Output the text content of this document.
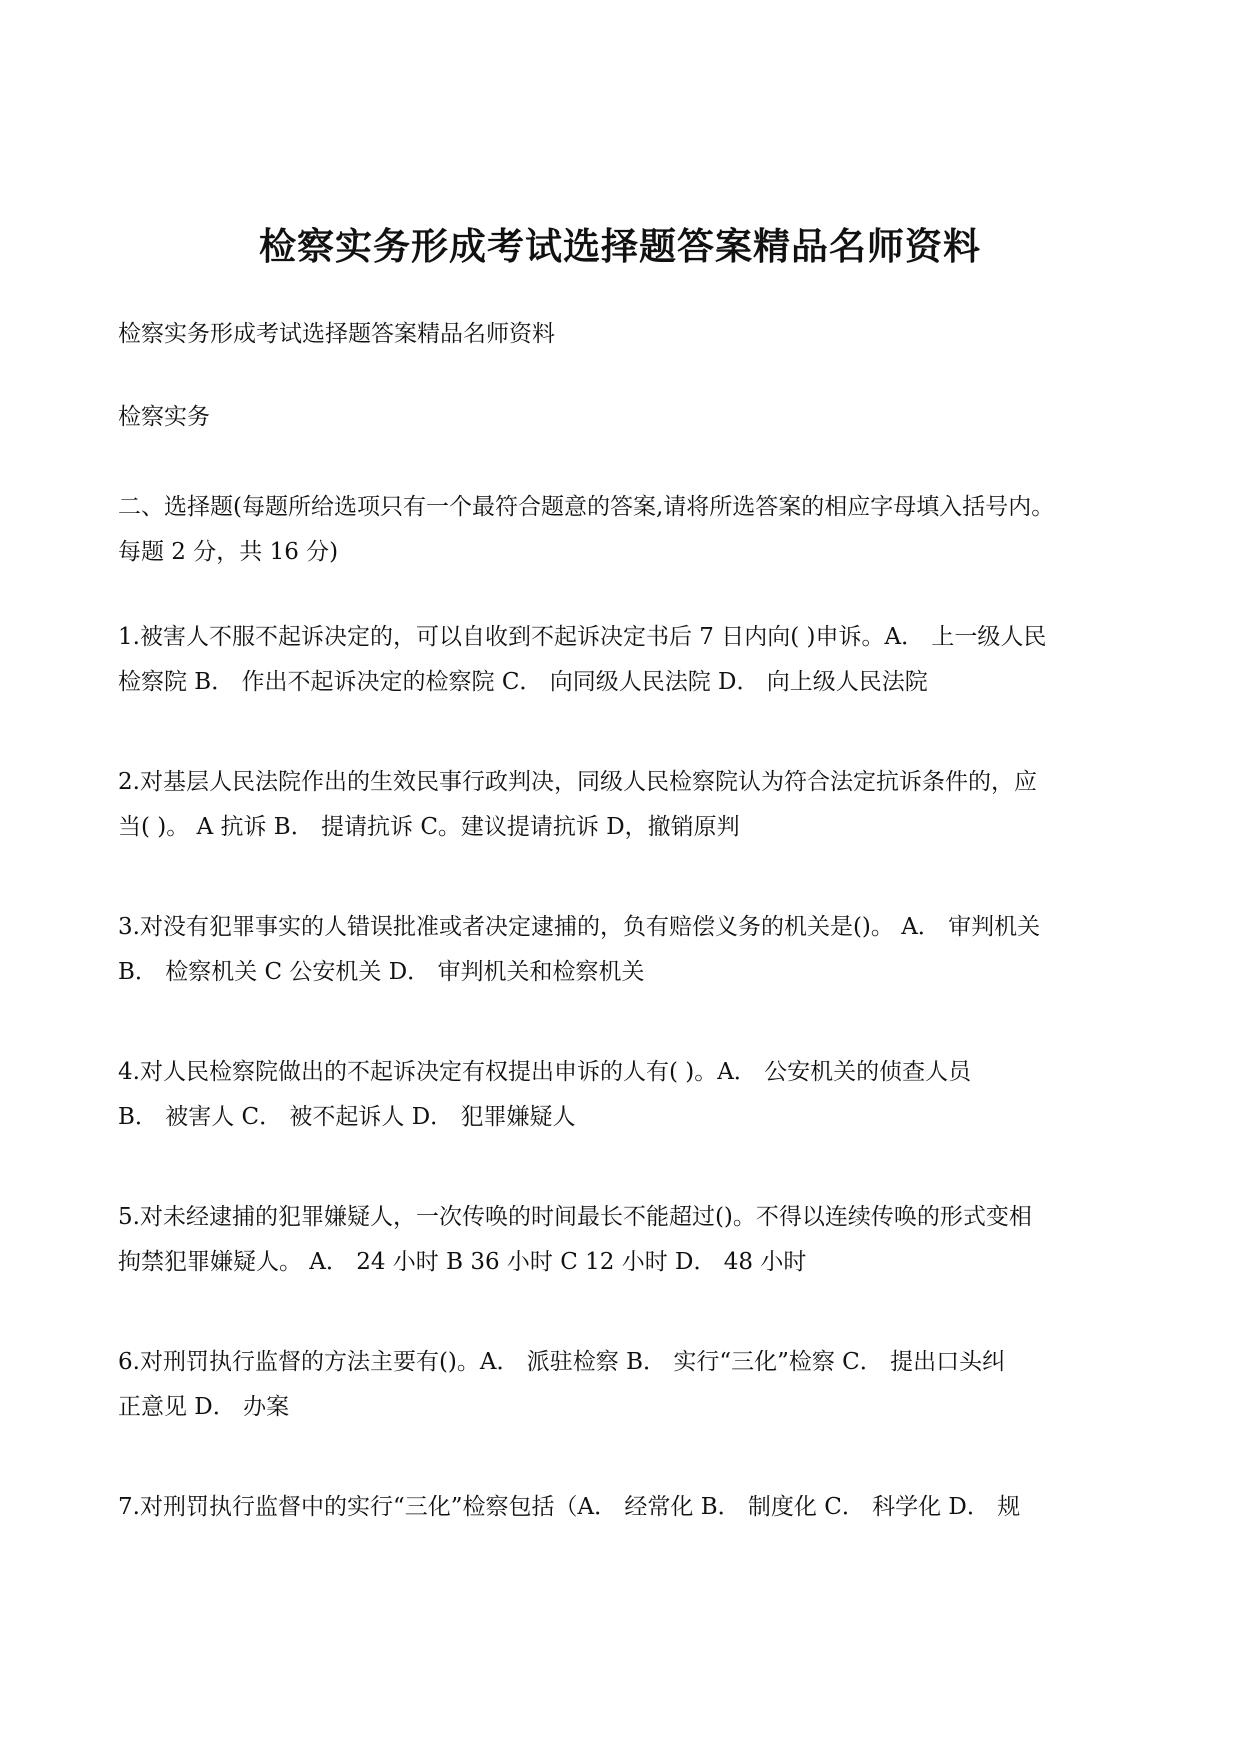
检察实务形成考试选择题答案精品名师资料
检察实务形成考试选择题答案精品名师资料
检察实务
二、选择题(每题所给选项只有一个最符合题意的答案,请将所选答案的相应字母填入括号内。
每题 2 分，共 16 分)
1.被害人不服不起诉决定的，可以自收到不起诉决定书后 7 日内向( )申诉。A． 上一级人民
检察院 B． 作出不起诉决定的检察院 C． 向同级人民法院 D． 向上级人民法院
2.对基层人民法院作出的生效民事行政判决，同级人民检察院认为符合法定抗诉条件的，应
当( )。 A 抗诉 B． 提请抗诉 C。建议提请抗诉 D，撤销原判
3.对没有犯罪事实的人错误批准或者决定逮捕的，负有赔偿义务的机关是()。 A． 审判机关
B． 检察机关 C 公安机关 D． 审判机关和检察机关
4.对人民检察院做出的不起诉决定有权提出申诉的人有( )。A． 公安机关的侦查人员
B． 被害人 C． 被不起诉人 D． 犯罪嫌疑人
5.对未经逮捕的犯罪嫌疑人，一次传唤的时间最长不能超过()。不得以连续传唤的形式变相
拘禁犯罪嫌疑人。 A． 24 小时 B 36 小时 C 12 小时 D． 48 小时
6.对刑罚执行监督的方法主要有()。A． 派驻检察 B． 实行“三化”检察 C． 提出口头纠
正意见 D． 办案
7.对刑罚执行监督中的实行“三化”检察包括（A． 经常化 B． 制度化 C． 科学化 D． 规
